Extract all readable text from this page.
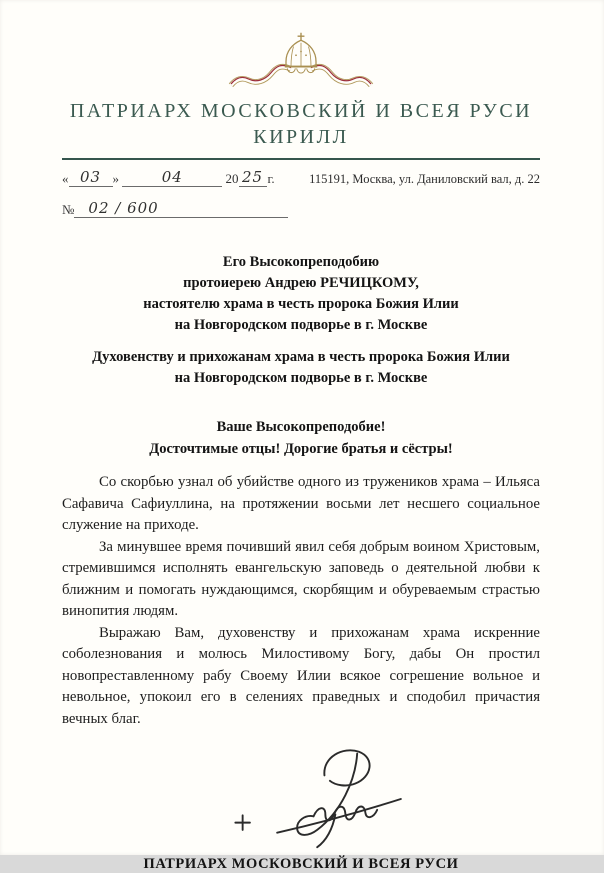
ПАТРИАРХ МОСКОВСКИЙ И ВСЕЯ РУСИ
КИРИЛЛ
« 03 »	04	20 25 г.
№ 02 / 600
115191, Москва, ул. Даниловский вал, д. 22
Его Высокопреподобию
протоиерею Андрею РЕЧИЦКОМУ,
настоятелю храма в честь пророка Божия Илии
на Новгородском подворье в г. Москве
Духовенству и прихожанам храма в честь пророка Божия Илии
на Новгородском подворье в г. Москве
Ваше Высокопреподобие!
Досточтимые отцы! Дорогие братья и сёстры!

Со скорбью узнал об убийстве одного из тружеников храма – Ильяса Сафавича Сафиуллина, на протяжении восьми лет несшего социальное служение на приходе.

За минувшее время почивший явил себя добрым воином Христовым, стремившимся исполнять евангельскую заповедь о деятельной любви к ближним и помогать нуждающимся, скорбящим и обуреваемым страстью винопития людям.

Выражаю Вам, духовенству и прихожанам храма искренние соболезнования и молюсь Милостивому Богу, дабы Он простил новопреставленному рабу Своему Илии всякое согрешение вольное и невольное, упокоил его в селениях праведных и сподобил причастия вечных благ.

ПАТРИАРХ МОСКОВСКИЙ И ВСЕЯ РУСИ
